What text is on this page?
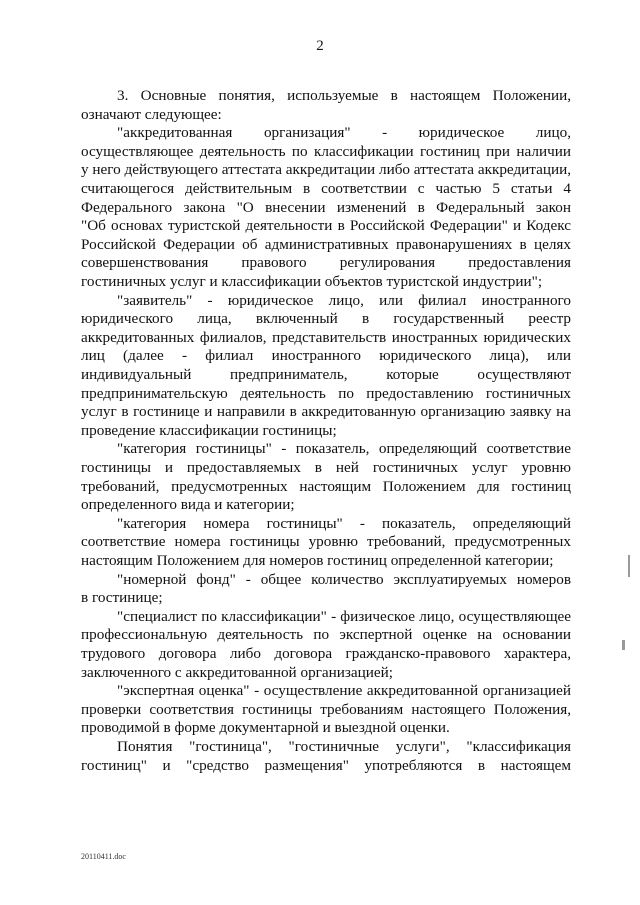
2
3. Основные понятия, используемые в настоящем Положении,
означают следующее:
"аккредитованная организация" - юридическое лицо,
осуществляющее деятельность по классификации гостиниц при наличии
у него действующего аттестата аккредитации либо аттестата аккредитации,
считающегося действительным в соответствии с частью 5 статьи 4
Федерального закона "О внесении изменений в Федеральный закон
"Об основах туристской деятельности в Российской Федерации" и Кодекс
Российской Федерации об административных правонарушениях в целях
совершенствования правового регулирования предоставления
гостиничных услуг и классификации объектов туристской индустрии";
"заявитель" - юридическое лицо, или филиал иностранного
юридического лица, включенный в государственный реестр
аккредитованных филиалов, представительств иностранных юридических
лиц (далее - филиал иностранного юридического лица), или
индивидуальный предприниматель, которые осуществляют
предпринимательскую деятельность по предоставлению гостиничных
услуг в гостинице и направили в аккредитованную организацию заявку на
проведение классификации гостиницы;
"категория гостиницы" - показатель, определяющий соответствие
гостиницы и предоставляемых в ней гостиничных услуг уровню
требований, предусмотренных настоящим Положением для гостиниц
определенного вида и категории;
"категория номера гостиницы" - показатель, определяющий
соответствие номера гостиницы уровню требований, предусмотренных
настоящим Положением для номеров гостиниц определенной категории;
"номерной фонд" - общее количество эксплуатируемых номеров
в гостинице;
"специалист по классификации" - физическое лицо, осуществляющее
профессиональную деятельность по экспертной оценке на основании
трудового договора либо договора гражданско-правового характера,
заключенного с аккредитованной организацией;
"экспертная оценка" - осуществление аккредитованной организацией
проверки соответствия гостиницы требованиям настоящего Положения,
проводимой в форме документарной и выездной оценки.
Понятия "гостиница", "гостиничные услуги", "классификация
гостиниц" и "средство размещения" употребляются в настоящем
20110411.doc
